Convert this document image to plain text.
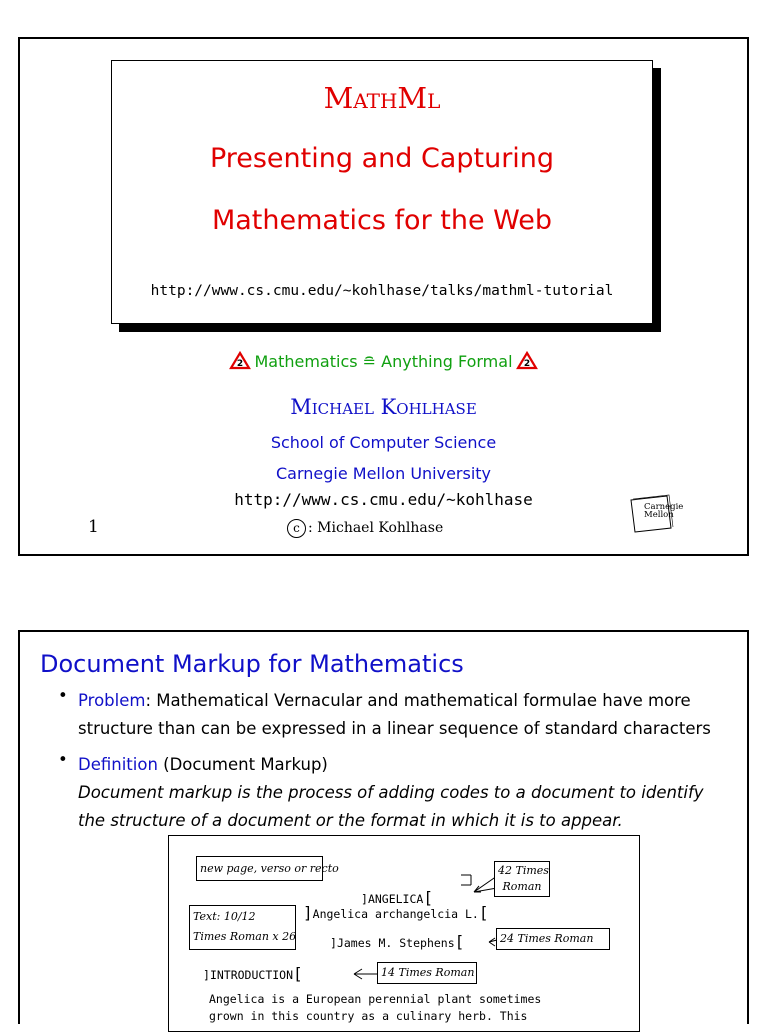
MathMl
Presenting and Capturing
Mathematics for the Web
http://www.cs.cmu.edu/~kohlhase/talks/mathml-tutorial
2 Mathematics ≘ Anything Formal 2
Michael Kohlhase
School of Computer Science
Carnegie Mellon University
http://www.cs.cmu.edu/~kohlhase
1	c : Michael Kohlhase
Carnegie
Mellon
Document Markup for Mathematics
• Problem: Mathematical Vernacular and mathematical formulae have more structure than can be expressed in a linear sequence of standard characters
• Definition (Document Markup)
Document markup is the process of adding codes to a document to identify the structure of a document or the format in which it is to appear.
new page, verso or recto	42 Times
Roman
]ANGELICA[
Text: 10/12
Times Roman x 26
]Angelica archangelcia L.[
]James M. Stephens[	24 Times Roman
]INTRODUCTION[	14 Times Roman
Angelica is a European perennial plant sometimes
grown in this country as a culinary herb. This
